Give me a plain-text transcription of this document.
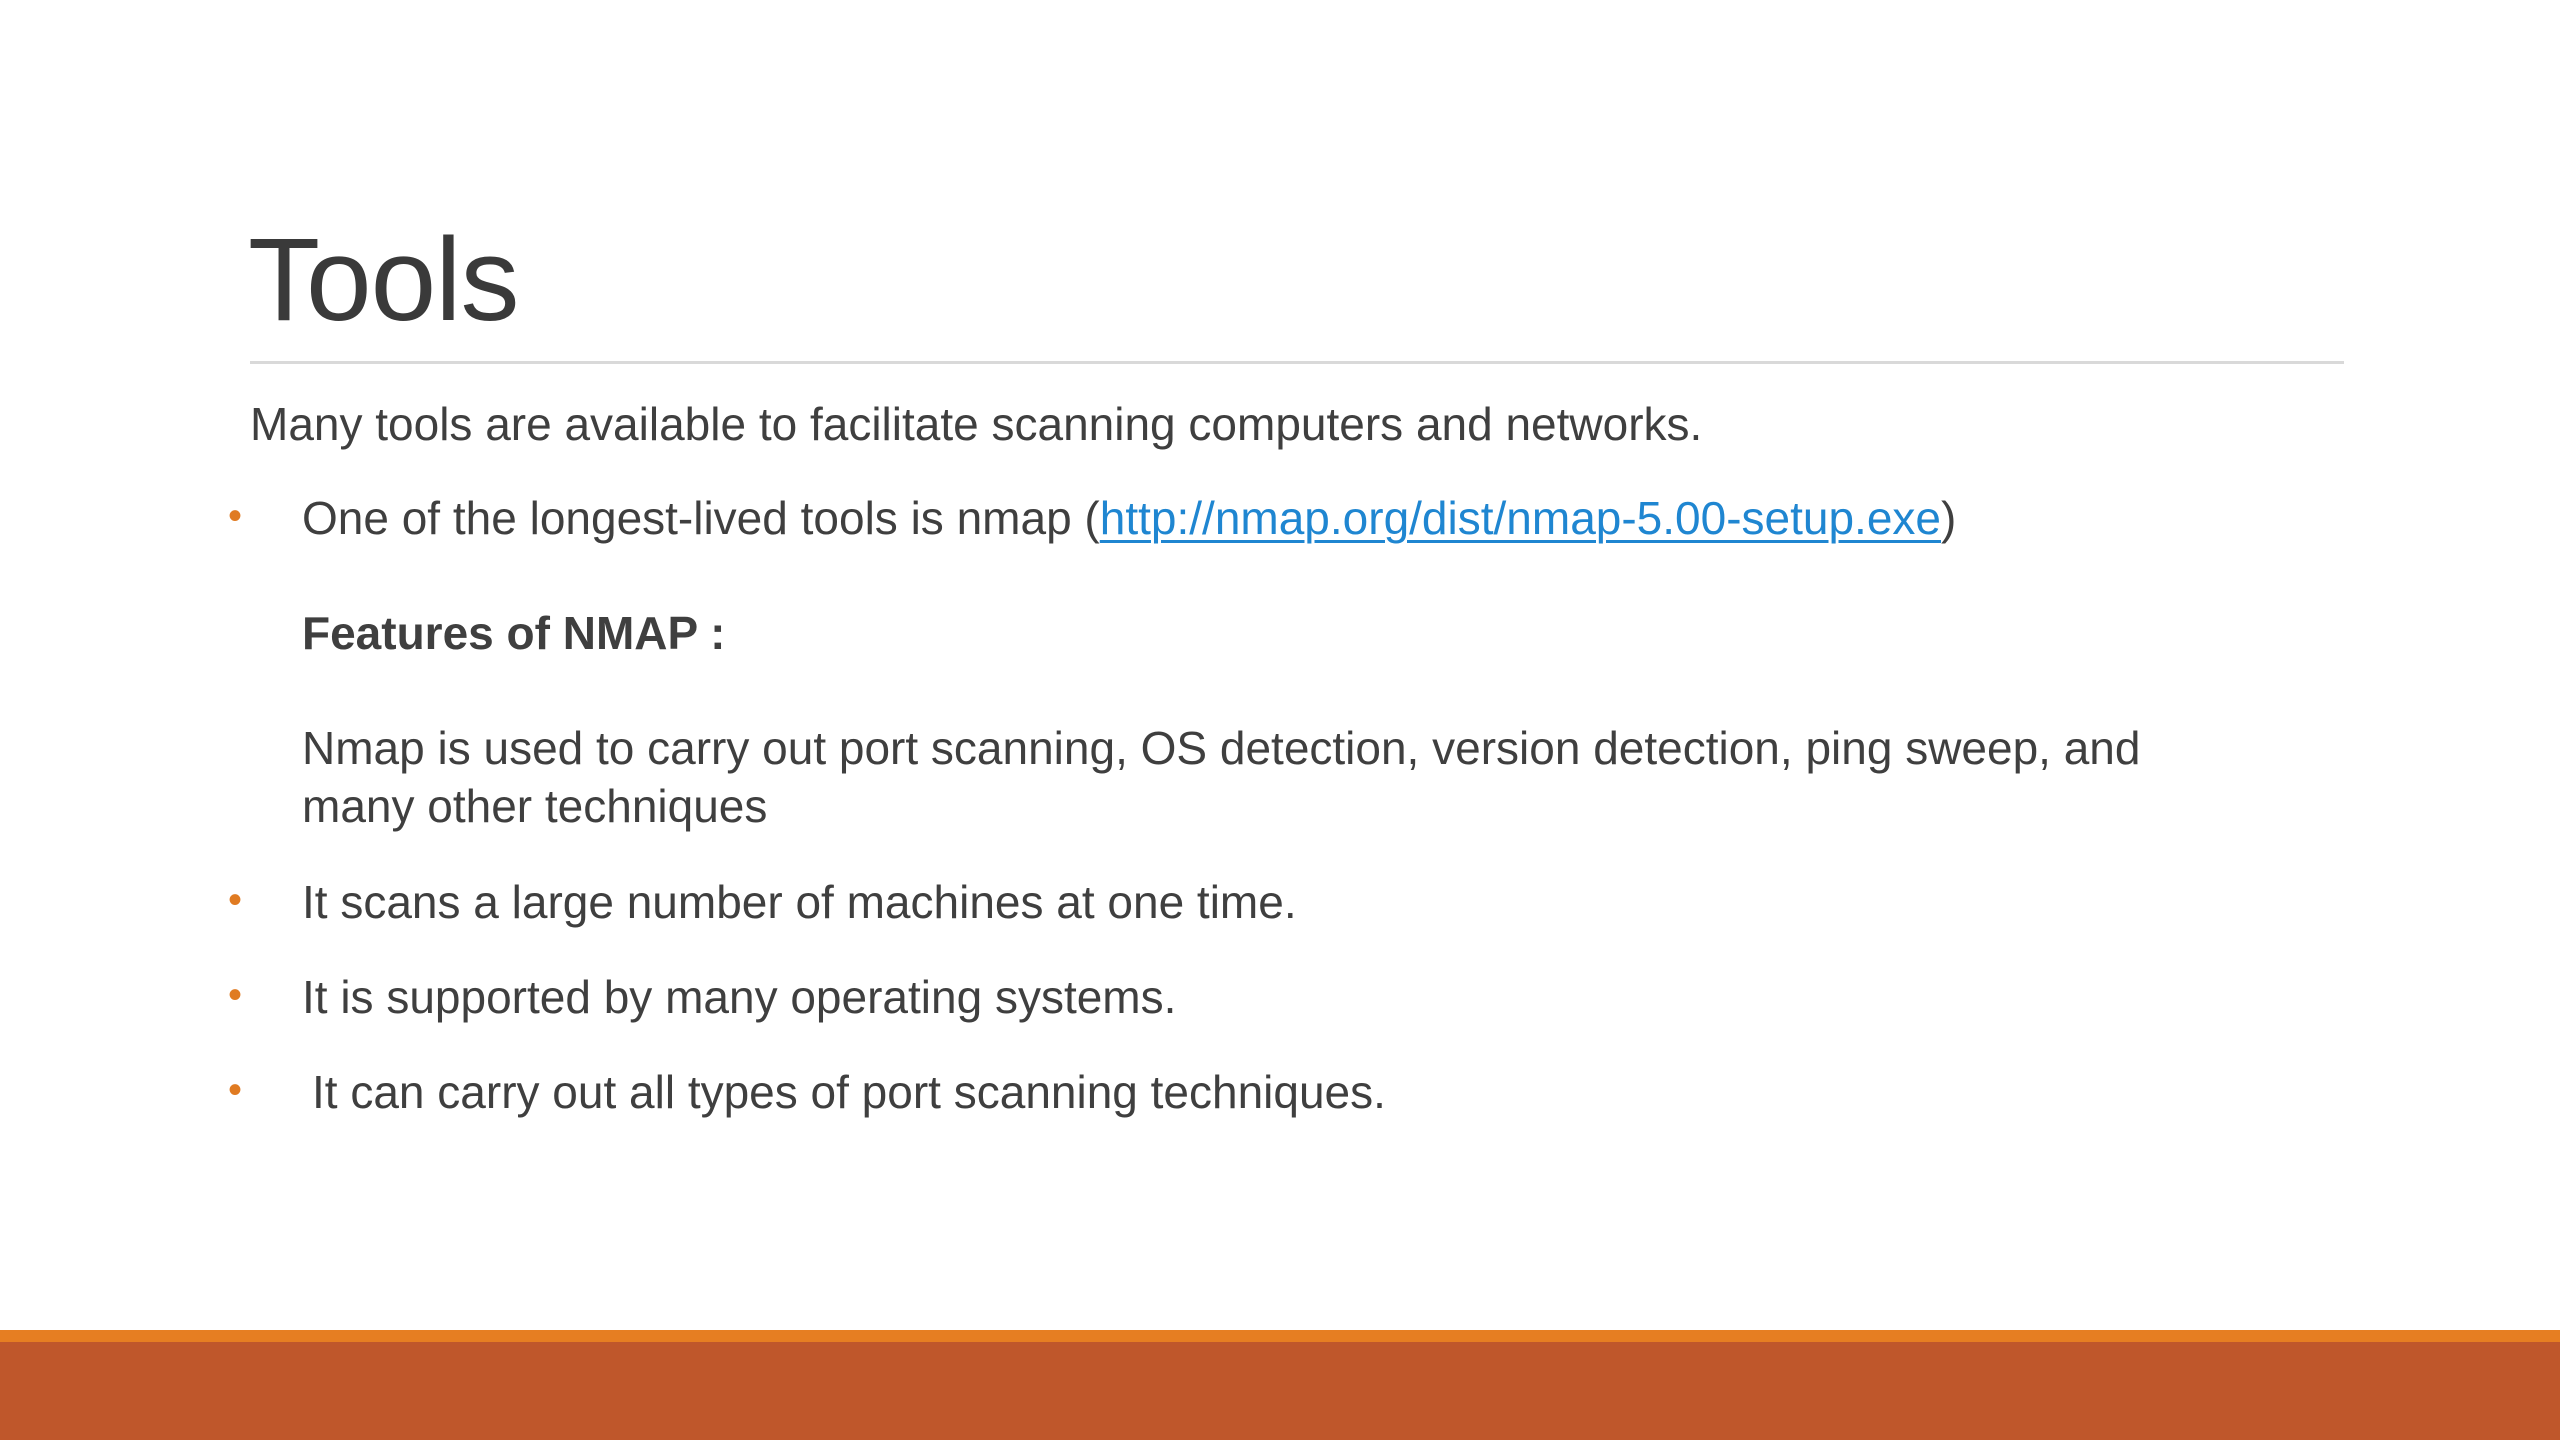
Tools
Many tools are available to facilitate scanning computers and networks.
• One of the longest-lived tools is nmap (http://nmap.org/dist/nmap-5.00-setup.exe)
Features of NMAP :
Nmap is used to carry out port scanning, OS detection, version detection, ping sweep, and
many other techniques
• It scans a large number of machines at one time.
• It is supported by many operating systems.
• It can carry out all types of port scanning techniques.
